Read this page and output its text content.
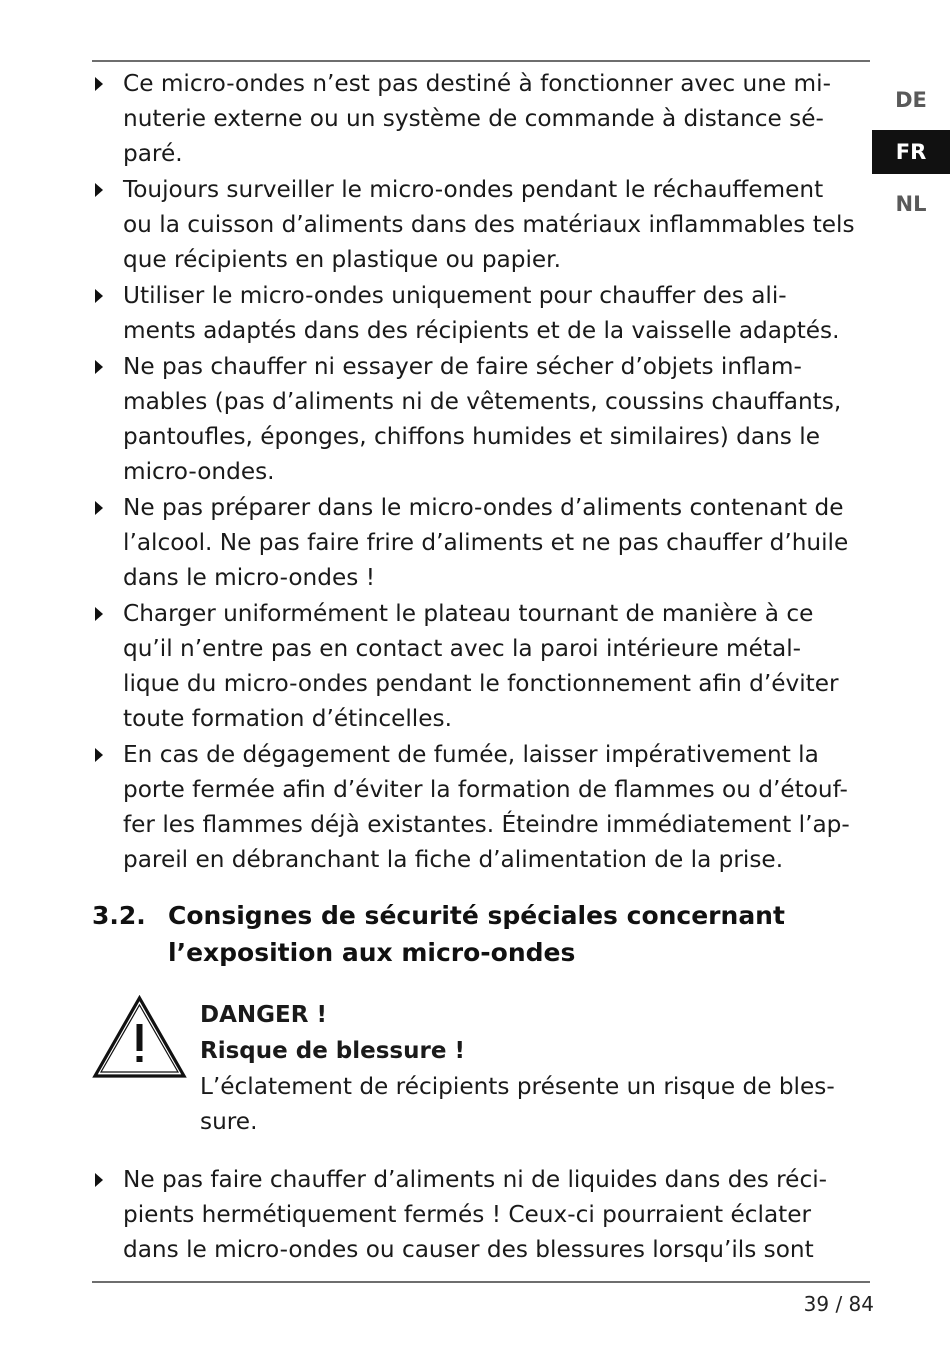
DE
FR
NL
Ce micro-ondes n’est pas destiné à fonctionner avec une mi-
nuterie externe ou un système de commande à distance sé-
paré.
Toujours surveiller le micro-ondes pendant le réchauffement
ou la cuisson d’aliments dans des matériaux inflammables tels
que récipients en plastique ou papier.
Utiliser le micro-ondes uniquement pour chauffer des ali-
ments adaptés dans des récipients et de la vaisselle adaptés.
Ne pas chauffer ni essayer de faire sécher d’objets inflam-
mables (pas d’aliments ni de vêtements, coussins chauffants,
pantoufles, éponges, chiffons humides et similaires) dans le
micro-ondes.
Ne pas préparer dans le micro-ondes d’aliments contenant de
l’alcool. Ne pas faire frire d’aliments et ne pas chauffer d’huile
dans le micro-ondes !
Charger uniformément le plateau tournant de manière à ce
qu’il n’entre pas en contact avec la paroi intérieure métal-
lique du micro-ondes pendant le fonctionnement afin d’éviter
toute formation d’étincelles.
En cas de dégagement de fumée, laisser impérativement la
porte fermée afin d’éviter la formation de flammes ou d’étouf-
fer les flammes déjà existantes. Éteindre immédiatement l’ap-
pareil en débranchant la fiche d’alimentation de la prise.
3.2. Consignes de sécurité spéciales concernant
l’exposition aux micro-ondes
DANGER !
Risque de blessure !
L’éclatement de récipients présente un risque de bles-
sure.
Ne pas faire chauffer d’aliments ni de liquides dans des réci-
pients hermétiquement fermés ! Ceux-ci pourraient éclater
dans le micro-ondes ou causer des blessures lorsqu’ils sont
39 / 84
